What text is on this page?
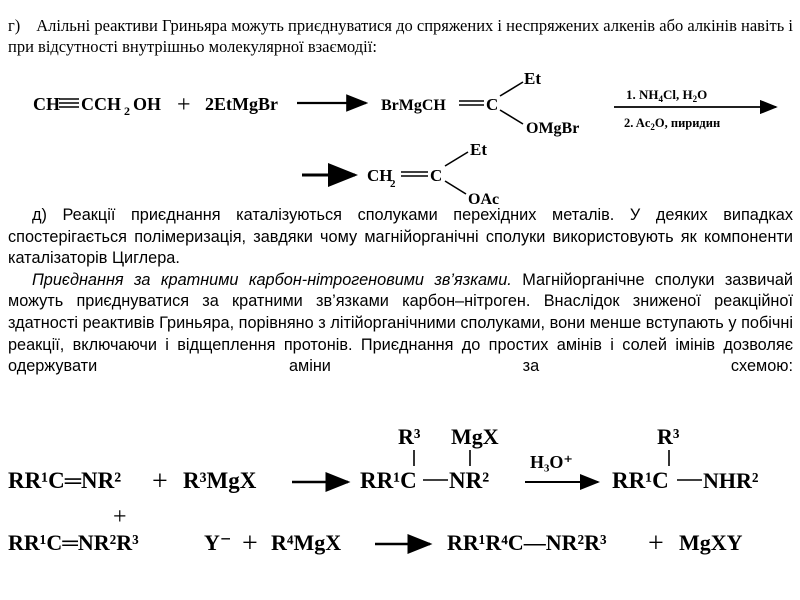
г) Алільні реактиви Гриньяра можуть приєднуватися до спряжених і неспряжених алкенів або алкінів навіть і при відсутності внутрішньо молекулярної взаємодії:
CH CCH 2 OH + 2EtMgBr	BrMgCH C
Et
OMgBr
1. $NH_4Cl$, $H_2O$
2. $Ac_2O$, пиридин
CH
2 C
Et
OAc

д) Реакції приєднання каталізуються сполуками перехідних металів. У деяких випадках спостерігається полімеризація, завдяки чому магнійорганічні сполуки використовують як компоненти каталізаторів Циглера.

Приєднання за кратними карбон-нітрогеновими зв’язками. Магнійорганічне сполуки зазвичай можуть приєднуватися за кратними зв’язками карбон–нітроген. Внаслідок зниженої реакційної здатності реактивів Гриньяра, порівняно з літійорганічними сполуками, вони менше вступають у побічні реакції, включаючи і відщеплення протонів. Приєднання до простих амінів і солей імінів дозволяє одержувати аміни за схемою:

RR¹C═NR² + R³MgX
R³ MgX
RR¹C NR²
H₃O⁺
R³
RR¹C NHR²
+
RR¹C═NR²R³	Y⁻ + R⁴MgX	RR¹R⁴C—NR²R³ + MgXY
